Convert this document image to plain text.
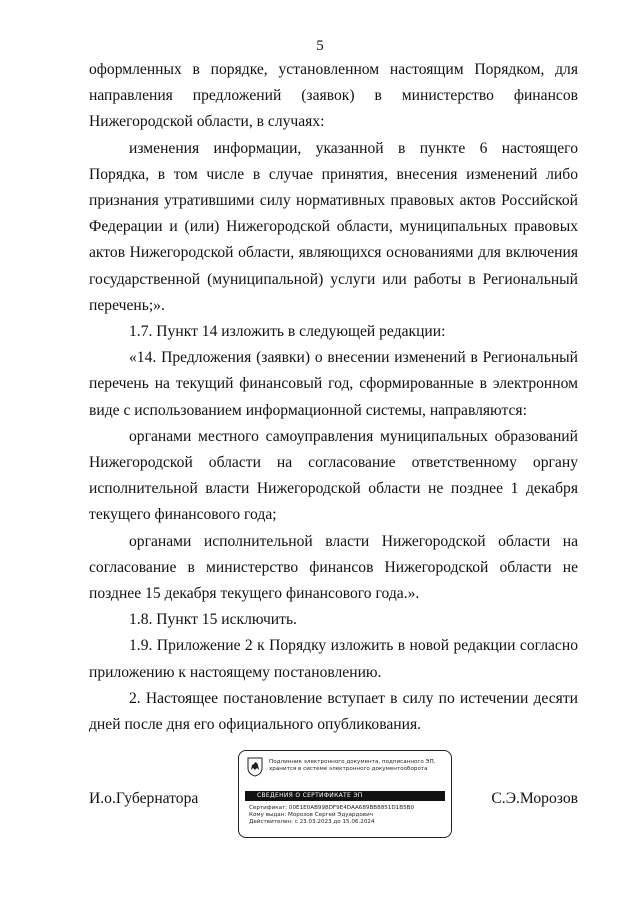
5

оформленных в порядке, установленном настоящим Порядком, для направления предложений (заявок) в министерство финансов Нижегородской области, в случаях:

изменения информации, указанной в пункте 6 настоящего Порядка, в том числе в случае принятия, внесения изменений либо признания утратившими силу нормативных правовых актов Российской Федерации и (или) Нижегородской области, муниципальных правовых актов Нижегородской области, являющихся основаниями для включения государственной (муниципальной) услуги или работы в Региональный перечень;».

1.7. Пункт 14 изложить в следующей редакции:

«14. Предложения (заявки) о внесении изменений в Региональный перечень на текущий финансовый год, сформированные в электронном виде с использованием информационной системы, направляются:

органами местного самоуправления муниципальных образований Нижегородской области на согласование ответственному органу исполнительной власти Нижегородской области не позднее 1 декабря текущего финансового года;

органами исполнительной власти Нижегородской области на согласование в министерство финансов Нижегородской области не позднее 15 декабря текущего финансового года.».

1.8. Пункт 15 исключить.

1.9. Приложение 2 к Порядку изложить в новой редакции согласно приложению к настоящему постановлению.

2. Настоящее постановление вступает в силу по истечении десяти дней после дня его официального опубликования.

И.о.Губернатора	С.Э.Морозов
Подлинник электронного документа, подписанного ЭП,
хранится в системе электронного документооборота
СВЕДЕНИЯ О СЕРТИФИКАТЕ ЭП
Сертификат: 00E1E0AB998DF9E4DAA689BB8851D1B5B0
Кому выдан: Морозов Сергей Эдуардович
Действителен: с 23.03.2023 до 15.06.2024
